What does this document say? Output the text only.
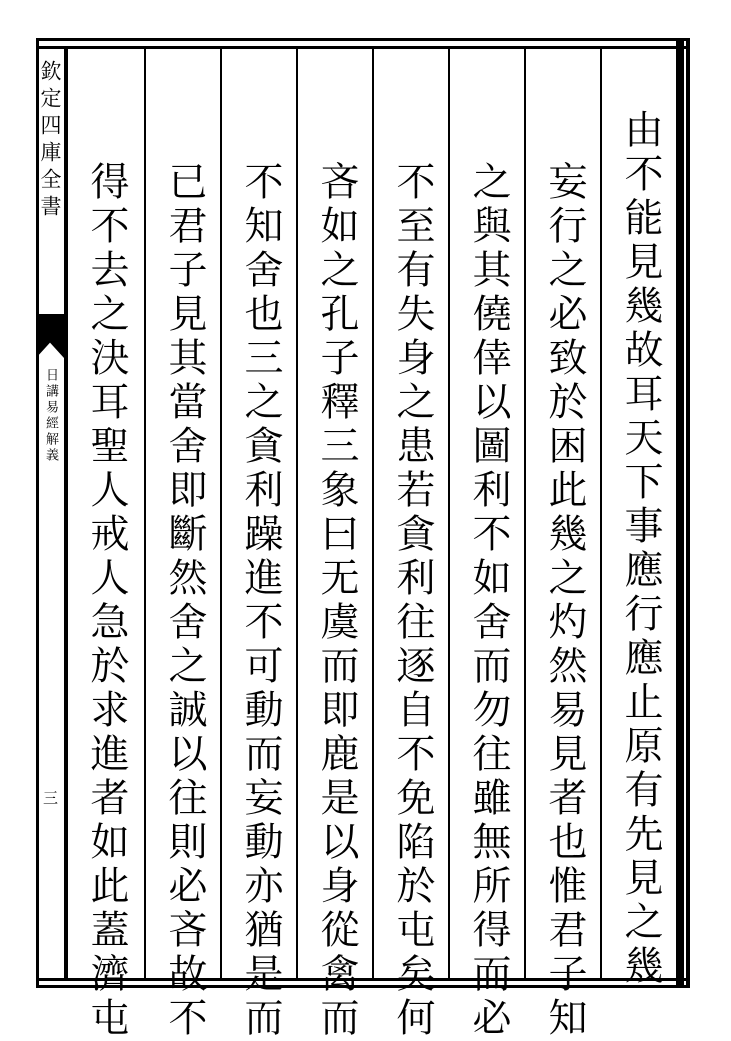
欽定四庫全書
日講易經解義
三	由不能見幾故耳天下事應行應止原有先見之幾
妄行之必致於困此幾之灼然易見者也惟君子知
之與其僥倖以圖利不如舍而勿往雖無所得而必
不至有失身之患若貪利往逐自不免陷於屯矣何
吝如之孔子釋三象曰无虞而即鹿是以身從禽而
不知舍也三之貪利躁進不可動而妄動亦猶是而
已君子見其當舍即斷然舍之誠以往則必吝故不
得不去之決耳聖人戒人急於求進者如此蓋濟屯
